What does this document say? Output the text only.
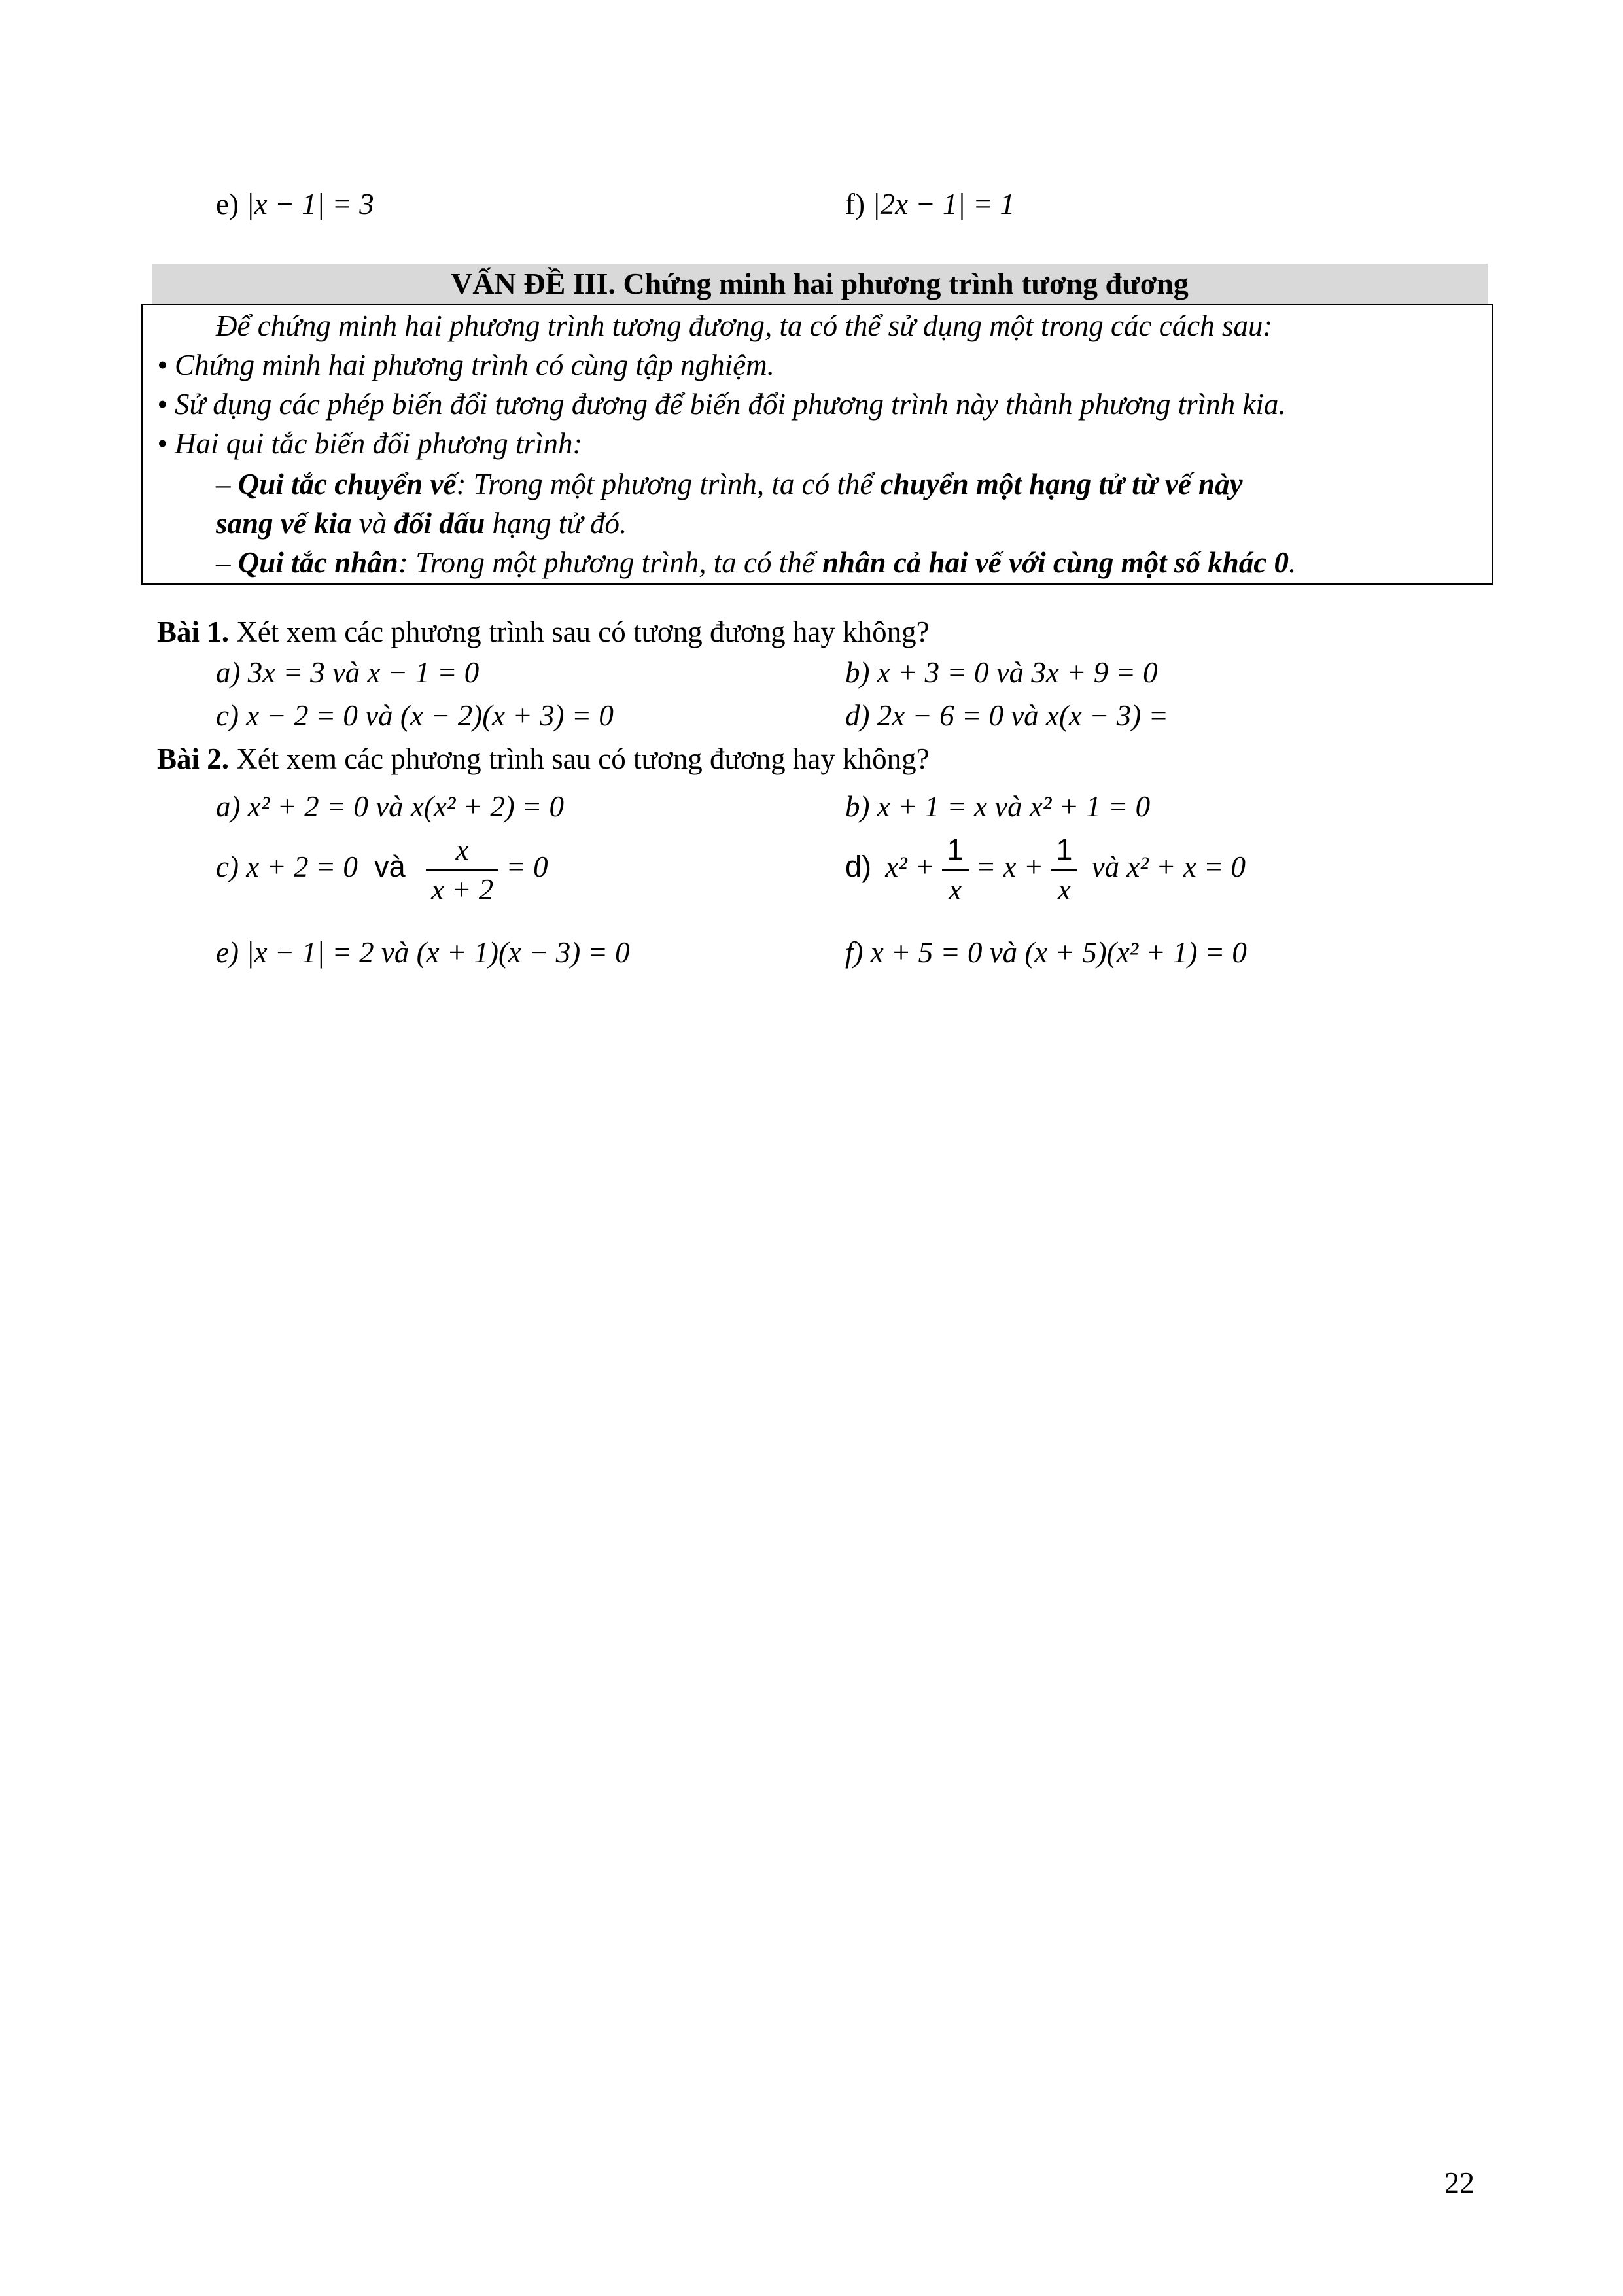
e) |x − 1| = 3	f) |2x − 1| = 1
VẤN ĐỀ III. Chứng minh hai phương trình tương đương
Để chứng minh hai phương trình tương đương, ta có thể sử dụng một trong các cách sau:
• Chứng minh hai phương trình có cùng tập nghiệm.
• Sử dụng các phép biến đổi tương đương để biến đổi phương trình này thành phương trình kia.
• Hai qui tắc biến đổi phương trình:
– Qui tắc chuyển vế: Trong một phương trình, ta có thể chuyển một hạng tử từ vế này
sang vế kia và đổi dấu hạng tử đó.
– Qui tắc nhân: Trong một phương trình, ta có thể nhân cả hai vế với cùng một số khác 0.
Bài 1. Xét xem các phương trình sau có tương đương hay không?
a) 3x = 3 và x − 1 = 0	b) x + 3 = 0 và 3x + 9 = 0
c) x − 2 = 0 và (x − 2)(x + 3) = 0	d) 2x − 6 = 0 và x(x − 3) =
Bài 2. Xét xem các phương trình sau có tương đương hay không?
a) x² + 2 = 0 và x(x² + 2) = 0	b) x + 1 = x và x² + 1 = 0
c) x + 2 = 0 và $\frac{x}{x + 2} = 0$	d) $x^2 + \frac{1}{x} = x + \frac{1}{x}$ và x² + x = 0
e) |x − 1| = 2 và (x + 1)(x − 3) = 0	f) x + 5 = 0 và (x + 5)(x² + 1) = 0
22
